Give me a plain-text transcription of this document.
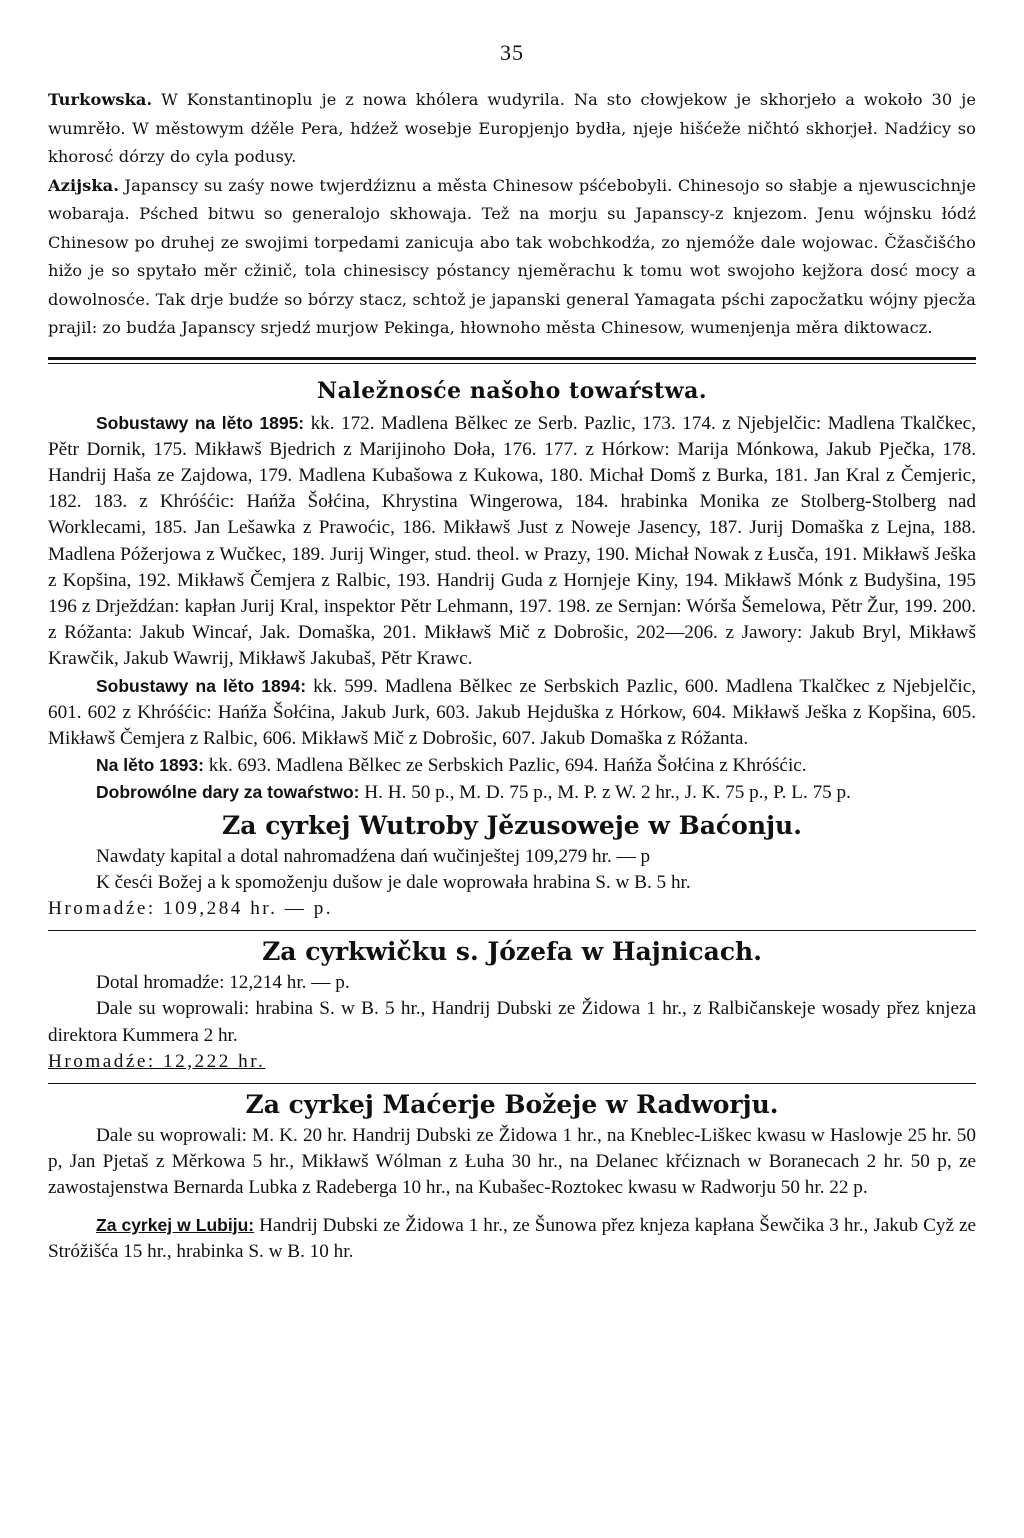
35

Turkowska. W Konstantinoplu je z nowa khólera wudyrila. Na sto cłowjekow je skhorjeło a wokoło 30 je wumrěło. W městowym dźěle Pera, hdźež wosebje Europjenjo bydła, njeje hišćeže ničhtó skhorjeł. Nadźicy so khorosć dórzy do cyla podusy.

Azijska. Japanscy su zaśy nowe twjerdźiznu a města Chinesow pśćebobyli. Chinesojo so słabje a njewuscichnje wobaraja. Pśched bitwu so generalojo skhowaja. Tež na morju su Japanscy-z knjezom. Jenu wójnsku łódź Chinesow po druhej ze swojimi torpedami zanicuja abo tak wobchkodźa, zo njemóže dale wojowac. Čžasčišćho hižo je so spytało měr cžinič, tola chinesiscy póstancy njeměrachu k tomu wot swojoho kejžora dosć mocy a dowolnosće. Tak drje budźe so bórzy stacz, schtož je japanski general Yamagata pśchi zapocžatku wójny pjecža prajil: zo budźa Japanscy srjedź murjow Pekinga, hłownoho města Chinesow, wumenjenja měra diktowacz.

Naležnosće našoho towaŕstwa.

Sobustawy na lěto 1895: kk. 172. Madlena Bělkec ze Serb. Pazlic, 173. 174. z Njebjelčic: Madlena Tkalčkec, Pětr Dornik, 175. Mikławš Bjedrich z Marijinoho Doła, 176. 177. z Hórkow: Marija Mónkowa, Jakub Pječka, 178. Handrij Haša ze Zajdowa, 179. Madlena Kubašowa z Kukowa, 180. Michał Domš z Burka, 181. Jan Kral z Čemjeric, 182. 183. z Khróśćic: Hańža Šołćina, Khrystina Wingerowa, 184. hrabinka Monika ze Stolberg-Stolberg nad Worklecami, 185. Jan Lešawka z Prawoćic, 186. Mikławš Just z Noweje Jasency, 187. Jurij Domaška z Lejna, 188. Madlena Póžerjowa z Wučkec, 189. Jurij Winger, stud. theol. w Prazy, 190. Michał Nowak z Łusča, 191. Mikławš Ješka z Kopšina, 192. Mikławš Čemjera z Ralbic, 193. Handrij Guda z Hornjeje Kiny, 194. Mikławš Mónk z Budyšina, 195 196 z Drježdźan: kapłan Jurij Kral, inspektor Pětr Lehmann, 197. 198. ze Sernjan: Wórša Šemelowa, Pětr Žur, 199. 200. z Róžanta: Jakub Wincaŕ, Jak. Domaška, 201. Mikławš Mič z Dobrošic, 202—206. z Jawory: Jakub Bryl, Mikławš Krawčik, Jakub Wawrij, Mikławš Jakubaš, Pětr Krawc.

Sobustawy na lěto 1894: kk. 599. Madlena Bělkec ze Serbskich Pazlic, 600. Madlena Tkalčkec z Njebjelčic, 601. 602 z Khróśćic: Hańža Šołćina, Jakub Jurk, 603. Jakub Hejduška z Hórkow, 604. Mikławš Ješka z Kopšina, 605. Mikławš Čemjera z Ralbic, 606. Mikławš Mič z Dobrošic, 607. Jakub Domaška z Róžanta.

Na lěto 1893: kk. 693. Madlena Bělkec ze Serbskich Pazlic, 694. Hańža Šołćina z Khróśćic.

Dobrowólne dary za towaŕstwo: H. H. 50 p., M. D. 75 p., M. P. z W. 2 hr., J. K. 75 p., P. L. 75 p.

Za cyrkej Wutroby Jězusoweje w Baćonju.

Nawdaty kapital a dotal nahromadźena dań wučinještej 109,279 hr. — p

K česći Božej a k spomoženju dušow je dale woprowała hrabina S. w B. 5 hr.

Hromadźe: 109,284 hr. — p.

Za cyrkwičku s. Józefa w Hajnicach.

Dotal hromadźe: 12,214 hr. — p.

Dale su woprowali: hrabina S. w B. 5 hr., Handrij Dubski ze Židowa 1 hr., z Ralbičanskeje wosady přez knjeza direktora Kummera 2 hr.

Hromadźe: 12,222 hr.

Za cyrkej Maćerje Božeje w Radworju.

Dale su woprowali: M. K. 20 hr. Handrij Dubski ze Židowa 1 hr., na Kneblec-Liškec kwasu w Haslowje 25 hr. 50 p, Jan Pjetaš z Měrkowa 5 hr., Mikławš Wólman z Łuha 30 hr., na Delanec křćiznach w Boranecach 2 hr. 50 p, ze zawostajenstwa Bernarda Lubka z Radeberga 10 hr., na Kubašec-Roztokec kwasu w Radworju 50 hr. 22 p.

Za cyrkej w Lubiju: Handrij Dubski ze Židowa 1 hr., ze Šunowa přez knjeza kapłana Šewčika 3 hr., Jakub Cyž ze Stróžišća 15 hr., hrabinka S. w B. 10 hr.
